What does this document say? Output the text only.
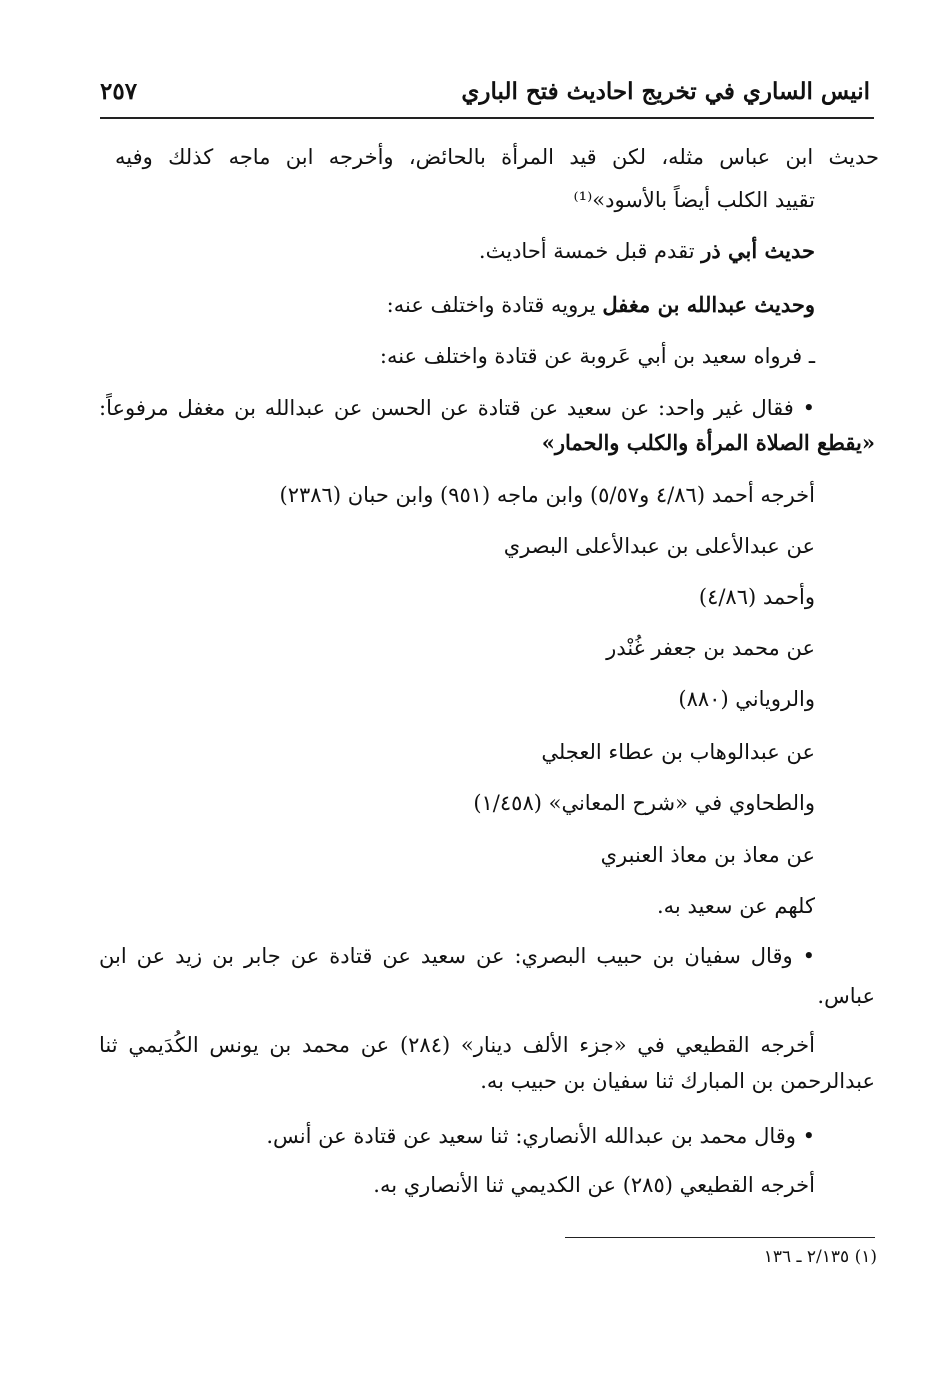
انيس الساري في تخريج احاديث فتح الباري
٢٥٧
حديث ابن عباس مثله، لكن قيد المرأة بالحائض، وأخرجه ابن ماجه كذلك وفيه
تقييد الكلب أيضاً بالأسود»⁽¹⁾
حديث أبي ذر تقدم قبل خمسة أحاديث.
وحديث عبدالله بن مغفل يرويه قتادة واختلف عنه:
ـ فرواه سعيد بن أبي عَروبة عن قتادة واختلف عنه:
• فقال غير واحد: عن سعيد عن قتادة عن الحسن عن عبدالله بن مغفل مرفوعاً:
«يقطع الصلاة المرأة والكلب والحمار»
أخرجه أحمد (٤/٨٦ و٥/٥٧) وابن ماجه (٩٥١) وابن حبان (٢٣٨٦)
عن عبدالأعلى بن عبدالأعلى البصري
وأحمد (٤/٨٦)
عن محمد بن جعفر غُنْدر
والروياني (٨٨٠)
عن عبدالوهاب بن عطاء العجلي
والطحاوي في «شرح المعاني» (١/٤٥٨)
عن معاذ بن معاذ العنبري
كلهم عن سعيد به.
• وقال سفيان بن حبيب البصري: عن سعيد عن قتادة عن جابر بن زيد عن ابن
عباس.
أخرجه القطيعي في «جزء الألف دينار» (٢٨٤) عن محمد بن يونس الكُدَيمي ثنا
عبدالرحمن بن المبارك ثنا سفيان بن حبيب به.
• وقال محمد بن عبدالله الأنصاري: ثنا سعيد عن قتادة عن أنس.
أخرجه القطيعي (٢٨٥) عن الكديمي ثنا الأنصاري به.
(١) ٢/١٣٥ ـ ١٣٦
